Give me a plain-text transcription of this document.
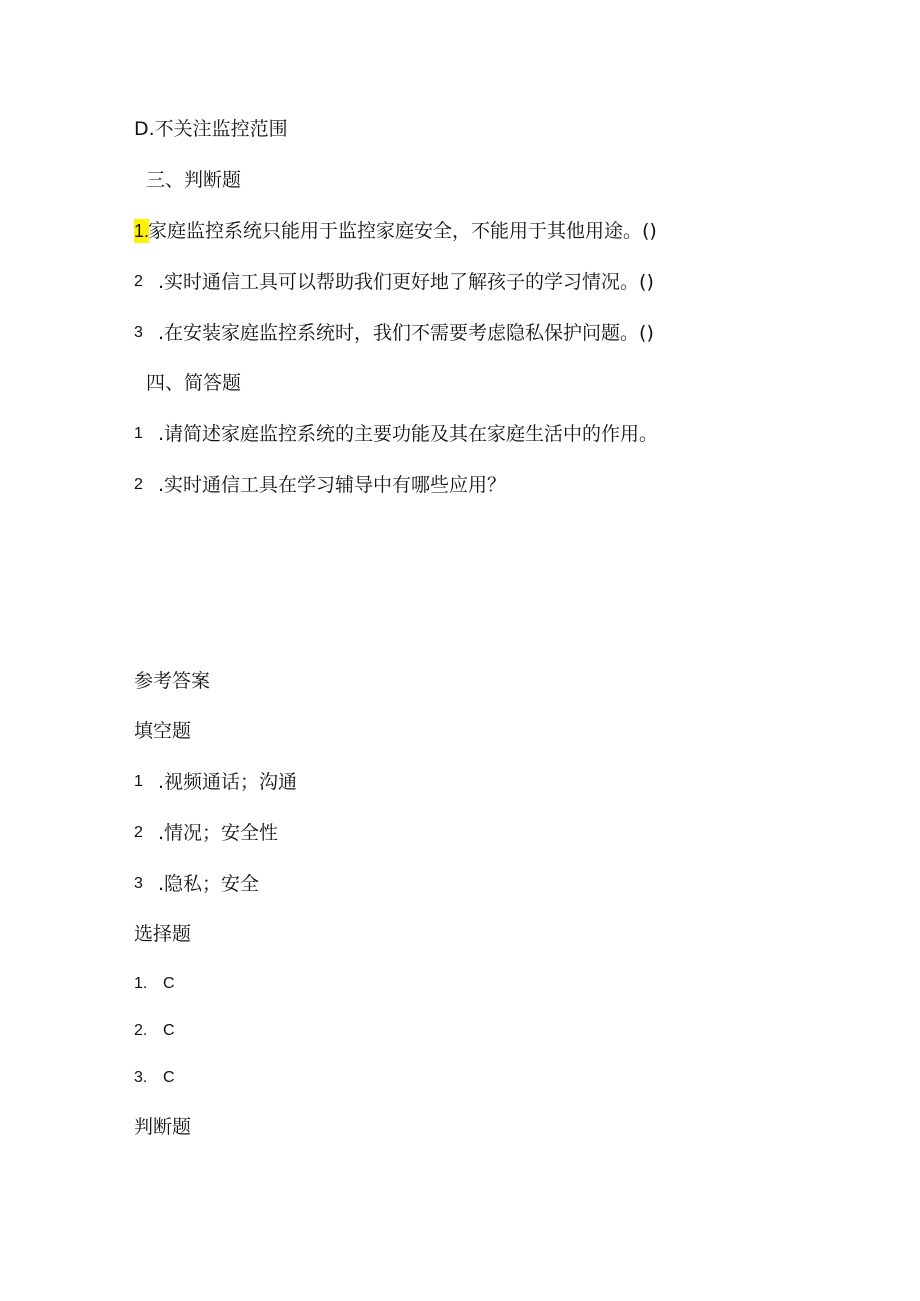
D.不关注监控范围
三、判断题
1.
家庭监控系统只能用于监控家庭安全，不能用于其他用途。()
2 .实时通信工具可以帮助我们更好地了解孩子的学习情况。()
3 .在安装家庭监控系统时，我们不需要考虑隐私保护问题。()
四、简答题
1 .请简述家庭监控系统的主要功能及其在家庭生活中的作用。
2 .实时通信工具在学习辅导中有哪些应用？
参考答案
填空题
1 .视频通话；沟通
2 .情况；安全性
3 .隐私；安全
选择题
1. C
2. C
3. C
判断题
